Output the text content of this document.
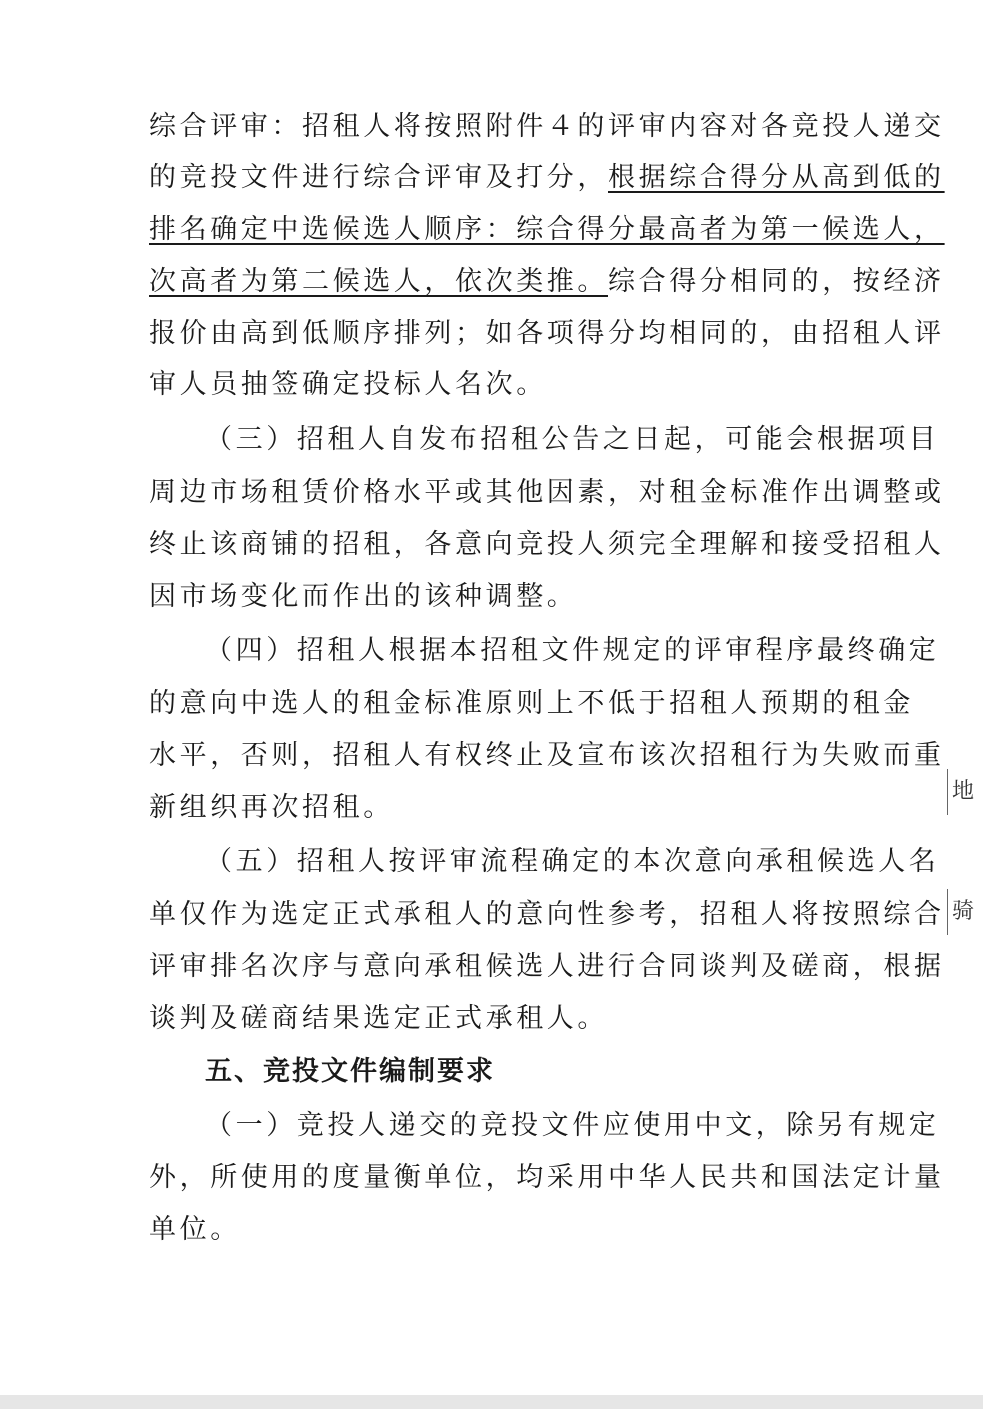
综合评审：招租人将按照附件４的评审内容对各竞投人递交
的竞投文件进行综合评审及打分，根据综合得分从高到低的
排名确定中选候选人顺序：综合得分最高者为第一候选人，
次高者为第二候选人，依次类推。综合得分相同的，按经济
报价由高到低顺序排列；如各项得分均相同的，由招租人评
审人员抽签确定投标人名次。
（三）招租人自发布招租公告之日起，可能会根据项目
周边市场租赁价格水平或其他因素，对租金标准作出调整或
终止该商铺的招租，各意向竞投人须完全理解和接受招租人
因市场变化而作出的该种调整。
（四）招租人根据本招租文件规定的评审程序最终确定
的意向中选人的租金标准原则上不低于招租人预期的租金
水平，否则，招租人有权终止及宣布该次招租行为失败而重
新组织再次招租。
（五）招租人按评审流程确定的本次意向承租候选人名
单仅作为选定正式承租人的意向性参考，招租人将按照综合
评审排名次序与意向承租候选人进行合同谈判及磋商，根据
谈判及磋商结果选定正式承租人。
五、竞投文件编制要求
（一）竞投人递交的竞投文件应使用中文，除另有规定
外，所使用的度量衡单位，均采用中华人民共和国法定计量
单位。
地
骑
